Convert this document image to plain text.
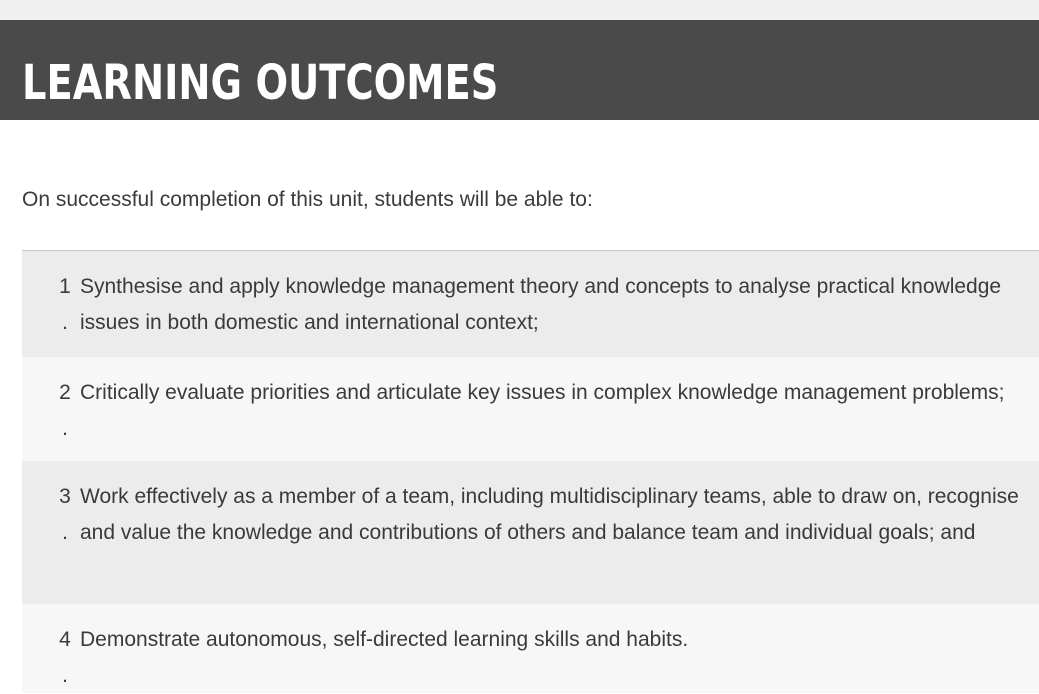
LEARNING OUTCOMES

On successful completion of this unit, students will be able to:

1
.
Synthesise and apply knowledge management theory and concepts to analyse practical knowledge issues in both domestic and international context;
2
.
Critically evaluate priorities and articulate key issues in complex knowledge management problems;
3
.
Work effectively as a member of a team, including multidisciplinary teams, able to draw on, recognise and value the knowledge and contributions of others and balance team and individual goals; and
4
.
Demonstrate autonomous, self-directed learning skills and habits.
